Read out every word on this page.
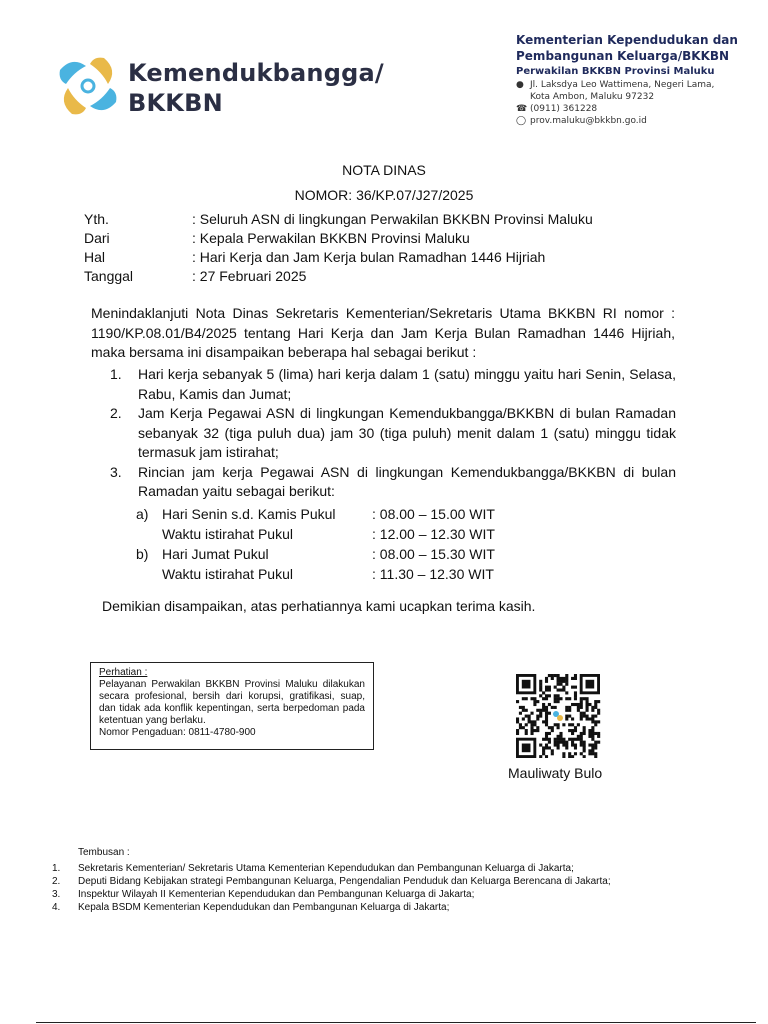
Kemendukbangga/
BKKBN
Kementerian Kependudukan dan
Pembangunan Keluarga/BKKBN
Perwakilan BKKBN Provinsi Maluku
● Jl. Laksdya Leo Wattimena, Negeri Lama,
Kota Ambon, Maluku 97232
☎ (0911) 361228
◯ prov.maluku@bkkbn.go.id
NOTA DINAS
NOMOR: 36/KP.07/J27/2025
Yth.	: Seluruh ASN di lingkungan Perwakilan BKKBN Provinsi Maluku
Dari	: Kepala Perwakilan BKKBN Provinsi Maluku
Hal	: Hari Kerja dan Jam Kerja bulan Ramadhan 1446 Hijriah
Tanggal	: 27 Februari 2025
Menindaklanjuti Nota Dinas Sekretaris Kementerian/Sekretaris Utama BKKBN RI nomor : 1190/KP.08.01/B4/2025 tentang Hari Kerja dan Jam Kerja Bulan Ramadhan 1446 Hijriah, maka bersama ini disampaikan beberapa hal sebagai berikut :
1.	Hari kerja sebanyak 5 (lima) hari kerja dalam 1 (satu) minggu yaitu hari Senin, Selasa, Rabu, Kamis dan Jumat;
2.	Jam Kerja Pegawai ASN di lingkungan Kemendukbangga/BKKBN di bulan Ramadan sebanyak 32 (tiga puluh dua) jam 30 (tiga puluh) menit dalam 1 (satu) minggu tidak termasuk jam istirahat;
3.	Rincian jam kerja Pegawai ASN di lingkungan Kemendukbangga/BKKBN di bulan Ramadan yaitu sebagai berikut:
a) Hari Senin s.d. Kamis Pukul	: 08.00 – 15.00 WIT
Waktu istirahat Pukul	: 12.00 – 12.30 WIT
b) Hari Jumat Pukul	: 08.00 – 15.30 WIT
Waktu istirahat Pukul	: 11.30 – 12.30 WIT
Demikian disampaikan, atas perhatiannya kami ucapkan terima kasih.
Perhatian :
Pelayanan Perwakilan BKKBN Provinsi Maluku dilakukan secara profesional, bersih dari korupsi, gratifikasi, suap, dan tidak ada konflik kepentingan, serta berpedoman pada ketentuan yang berlaku.
Nomor Pengaduan: 0811-4780-900
Mauliwaty Bulo
Tembusan :
1.	Sekretaris Kementerian/ Sekretaris Utama Kementerian Kependudukan dan Pembangunan Keluarga di Jakarta;
2.	Deputi Bidang Kebijakan strategi Pembangunan Keluarga, Pengendalian Penduduk dan Keluarga Berencana di Jakarta;
3.	Inspektur Wilayah II Kementerian Kependudukan dan Pembangunan Keluarga di Jakarta;
4.	Kepala BSDM Kementerian Kependudukan dan Pembangunan Keluarga di Jakarta;
